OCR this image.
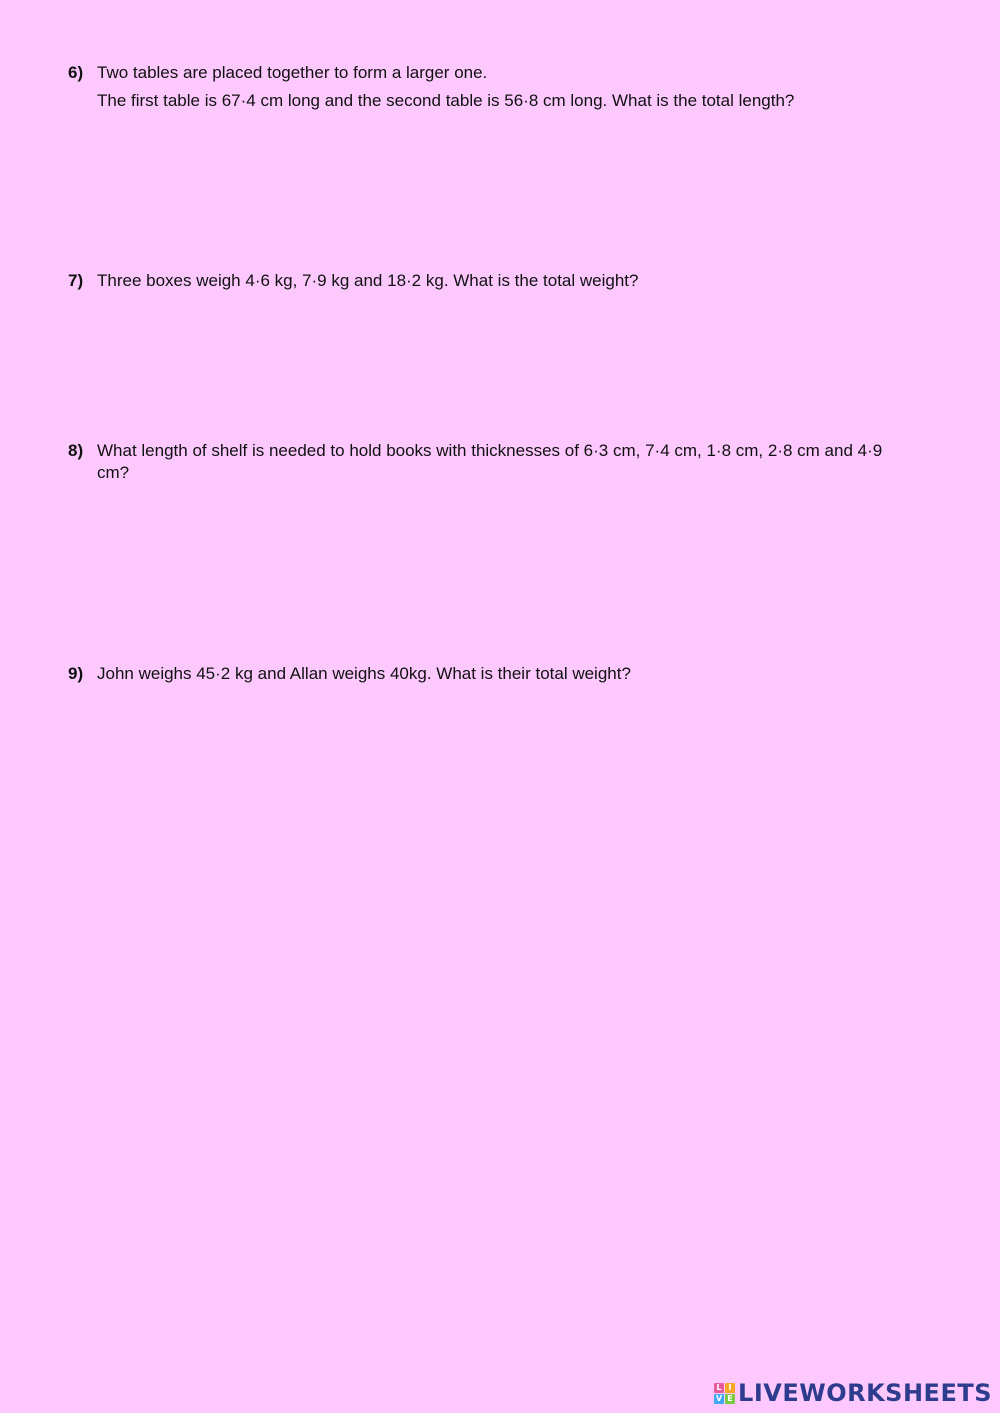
6) Two tables are placed together to form a larger one.
The first table is 67·4 cm long and the second table is 56·8 cm long. What is the total length?
7) Three boxes weigh 4·6 kg, 7·9 kg and 18·2 kg. What is the total weight?
8) What length of shelf is needed to hold books with thicknesses of 6·3 cm, 7·4 cm, 1·8 cm, 2·8 cm and 4·9 cm?
9) John weighs 45·2 kg and Allan weighs 40kg. What is their total weight?
L I
V E LIVEWORKSHEETS
